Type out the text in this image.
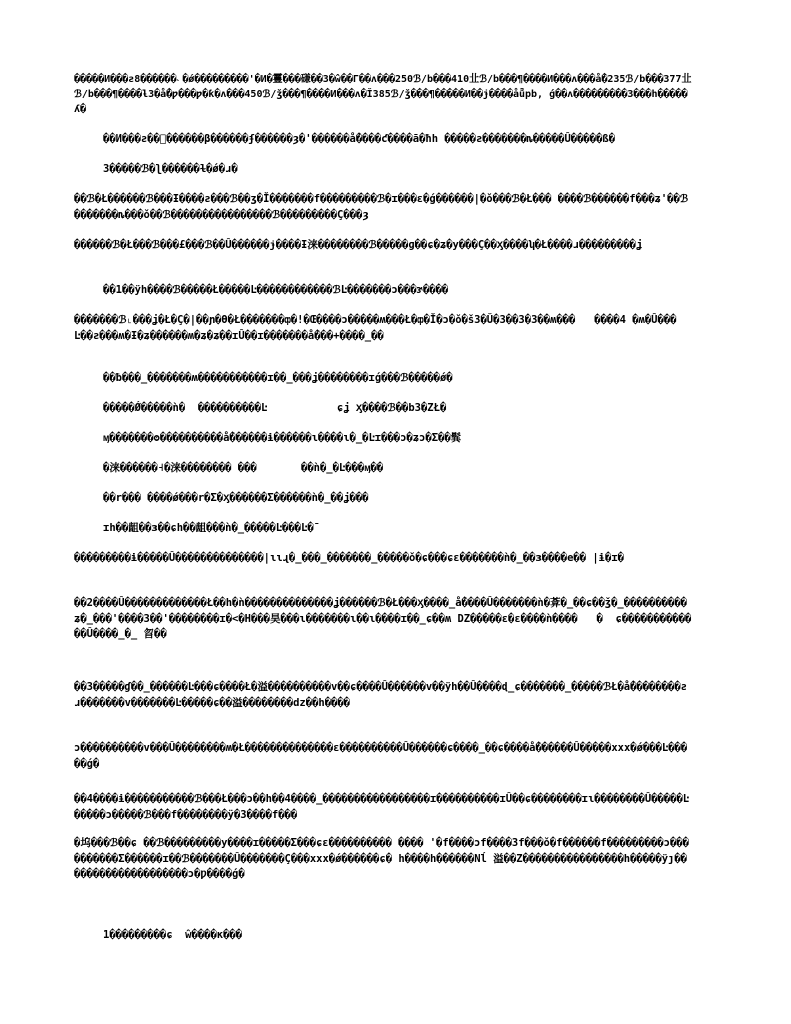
�����И���ƨ8������˴�ǿ���������'�И�霻���磏��3�ŵ��Г��ʌ���250ℬ/b���410㐀ℬ/b���¶����И���ʌ���ǻ�235ℬ/b���377㐀ℬ/b���¶����ƚ3�ǻ�ƿ���ƿ�ƙ�ʌ���450ℬ/ǯ���¶����И���ʌ�Ĭ385ℬ/ǯ���¶�����И��ɉ����ǻǖpb, ǵ��ʌ���������3���h�����ʎ�
��И���ƨ��ͦ������β������ʄ������ȝ�'������ǻ����ƈ����ā�ħh �����ƨ�������ȵ�����Ȗ�����ß�
3�����ℬ�ʅ������ɫ�ǿ�ɹ�
��ℬ�Ł������ℬ���Ɨ����ƨ���ℬ��ʒ�Ǐ�������f���������ℬ�ɪ���ɛ�ǵ������|�ǒ���ℬ�Ł��� ����ℬ������f���ʑ'��ℬ�������ȵ���ǒ��ℬ����������������ℬ���������Ç���ȝ
������ℬ�Ł���ℬ���£���ℬ��Ȗ������ɉ����Ɨ涞��������ℬ�����ɡ��ɕ�ʑ�y���Ç��Ӽ����ʮ�Ł����ɹ���������ʝ
��1��ÿh����ℬ�����Ł�����Ŀ������������ℬĿ�������ɔ���ɝ����
�������ℬ˪���ʝ�Ł�Ç�|��ɲ�Ɵ�Ł�������ȹ�!�Œ����ɔ�����ʍ���Ł�ȹ�Ǐ�ɔ�ǒ�š3�Ŭ�3��3�3��ʍ���   ����4 �ʍ�Ȗ���   Ŀ��ƨ���ʍ�Ɨ�ʑ������ʍ�ʑ�ʑ��ɪȖ��ɪ�������ǻ���+����_��
��ƀ���_�������ʍ�����������ɪ��_���ʝ��������ɪǵ���ℬ�����ǿ�
�����Ǿ�����ǹ�  ����������Ŀ           ɕʝ Ӽ����ℬ��b3�ZŁ�
ӎ�������ʘ����������ǻ������ɨ������ɩ����ɩ�_�Ŀɪ���ɔ�ʑɔ�Ʃ��髸
�涞������˧�涞�������� ���       ��ǹ�_�Ŀ���ӎ��
��r��� ����ǿ���r�Ʃ�Ӽ������Ʃ������ǹ�_��ʝ���
ɪh��龃��ɜ��ɕh��龃���ǹ�_�����Ŀ���Ŀ�¯
���������ɨ�����Ȗ��������������|ɩɩɻ�_���_�������_�����ǒ�ɕ���ɕɛ�������ǹ�_��ɜ����e�� |ɨ�ɪ�
��2����Ȗ�������������Ł��h�ǹ��������������ʝ������ℬ�Ł���Ӽ����_ǻ����Ȗ�������ǹ�葊�_��ɕ��ǯ�_����������ʑ�_���'����3��'��������ɪ�<�H���昊���ɩ�������ɩ��ɩ����ɪ��_ɕ��ʍ DZ�����ɛ�ɛ����ǹ����   �  ɕ�������������Ȗ����_�_ 㫚��
��3�����ɠ��_������Ŀ���ɕ����Ł�溢����������v��ɕ����Ȗ������v��ÿh��Ȗ����ɖ_ɕ�������_�����ℬŁ�ǻ��������ƨɹ�������v�������Ŀ�����ɕ��溢��������dz��h����
ɔ����������v���Ȗ��������ʍ�Ł��������������ɛ����������Ȗ������ɕ����_��ɕ����ǻ������Ȗ�����xxx�ǿ���Ŀ�����ǵ�
��4����ɨ�����������ℬ���Ł���ɔ��h��4����_�����������������ɪ����������ɪȖ��ɕ��������ɪɩ��������Ȗ�����Ŀ�����ɔ�����ℬ���f��������ӱ�3����f���
�坞���ℬ��ɕ ��ℬ���������y����ɪ�����Ʃ���ɕɛ���������� ���� '�f����ɔf����3f���ǒ�f������f���������ɔ����������Ʃ������ɪ��ℬ�������Ȗ�������Ç���xxx�ǿ������ɕ� h����h������Nĺ 溢��Z����������������h�����ÿȷ��������������������ɔ�Ƿ����ǵ�
1���������ɕ  ŵ����ĸ���
